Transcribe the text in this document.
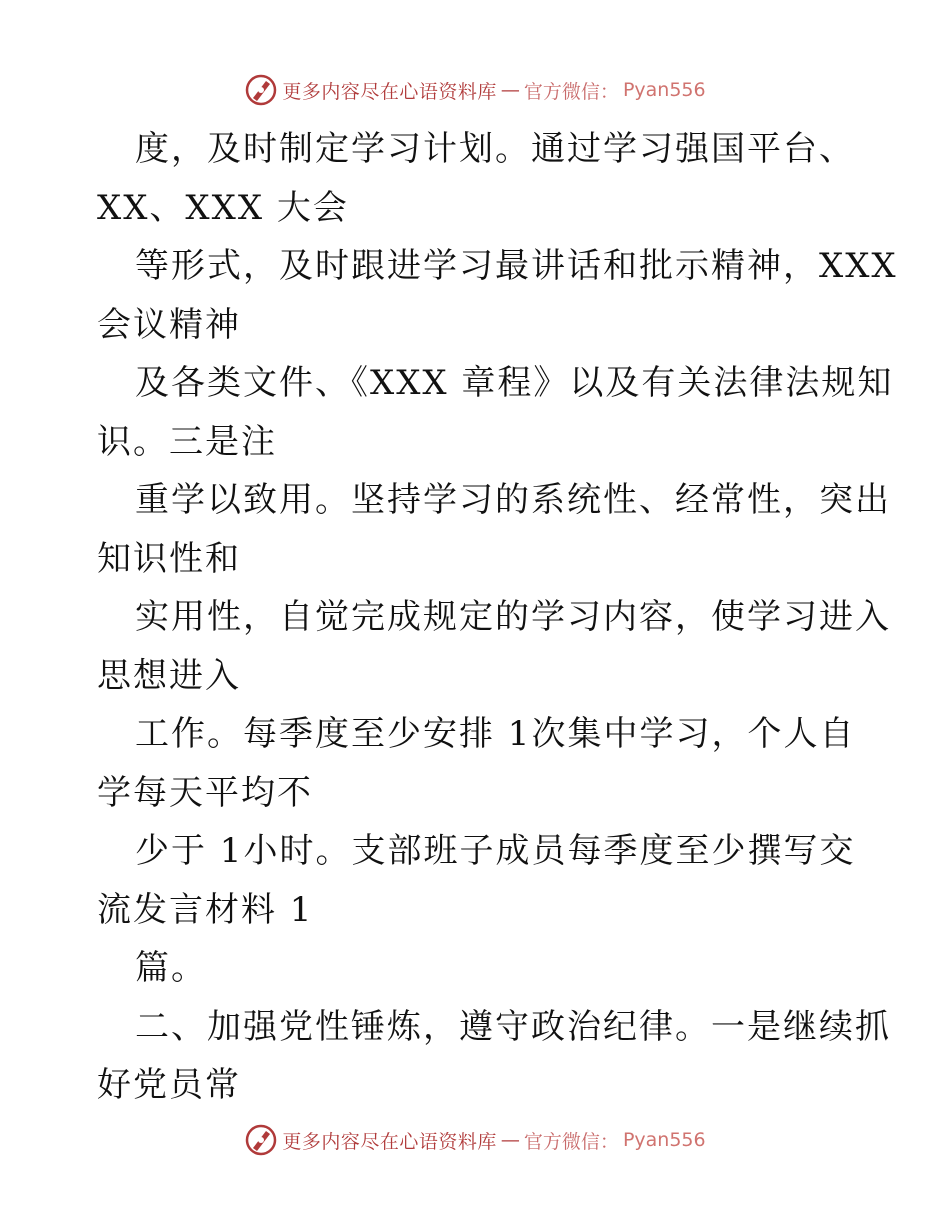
更多内容尽在心语资料库 — 官方微信： Pyan556
度，及时制定学习计划。通过学习强国平台、
XX、XXX 大会
等形式，及时跟进学习最讲话和批示精神，XXX
会议精神
及各类文件、《XXX 章程》以及有关法律法规知
识。三是注
重学以致用。坚持学习的系统性、经常性，突出
知识性和
实用性，自觉完成规定的学习内容，使学习进入
思想进入
工作。每季度至少安排 1次集中学习，个人自
学每天平均不
少于 1小时。支部班子成员每季度至少撰写交
流发言材料 1
篇。
二、加强党性锤炼，遵守政治纪律。一是继续抓
好党员常
更多内容尽在心语资料库 — 官方微信： Pyan556
